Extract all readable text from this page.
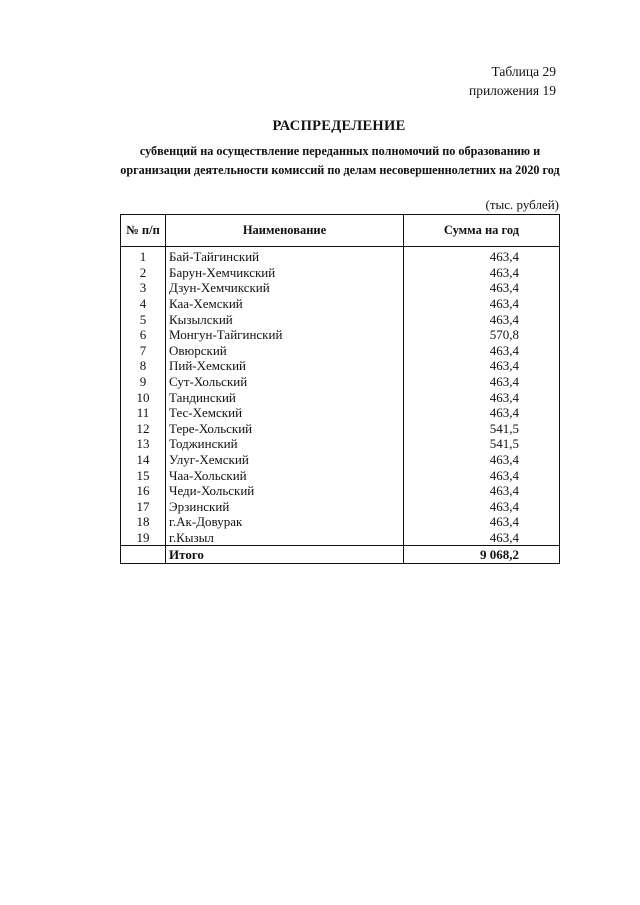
Таблица 29
приложения 19
РАСПРЕДЕЛЕНИЕ
субвенций на осуществление переданных полномочий по образованию и
организации деятельности комиссий по делам несовершеннолетних на 2020 год
(тыс. рублей)
№ п/п	Наименование	Сумма на год
1	Бай-Тайгинский	463,4
2	Барун-Хемчикский	463,4
3	Дзун-Хемчикский	463,4
4	Каа-Хемский	463,4
5	Кызылский	463,4
6	Монгун-Тайгинский	570,8
7	Овюрский	463,4
8	Пий-Хемский	463,4
9	Сут-Хольский	463,4
10	Тандинский	463,4
11	Тес-Хемский	463,4
12	Тере-Хольский	541,5
13	Тоджинский	541,5
14	Улуг-Хемский	463,4
15	Чаа-Хольский	463,4
16	Чеди-Хольский	463,4
17	Эрзинский	463,4
18	г.Ак-Довурак	463,4
19	г.Кызыл	463,4
	Итого	9 068,2
